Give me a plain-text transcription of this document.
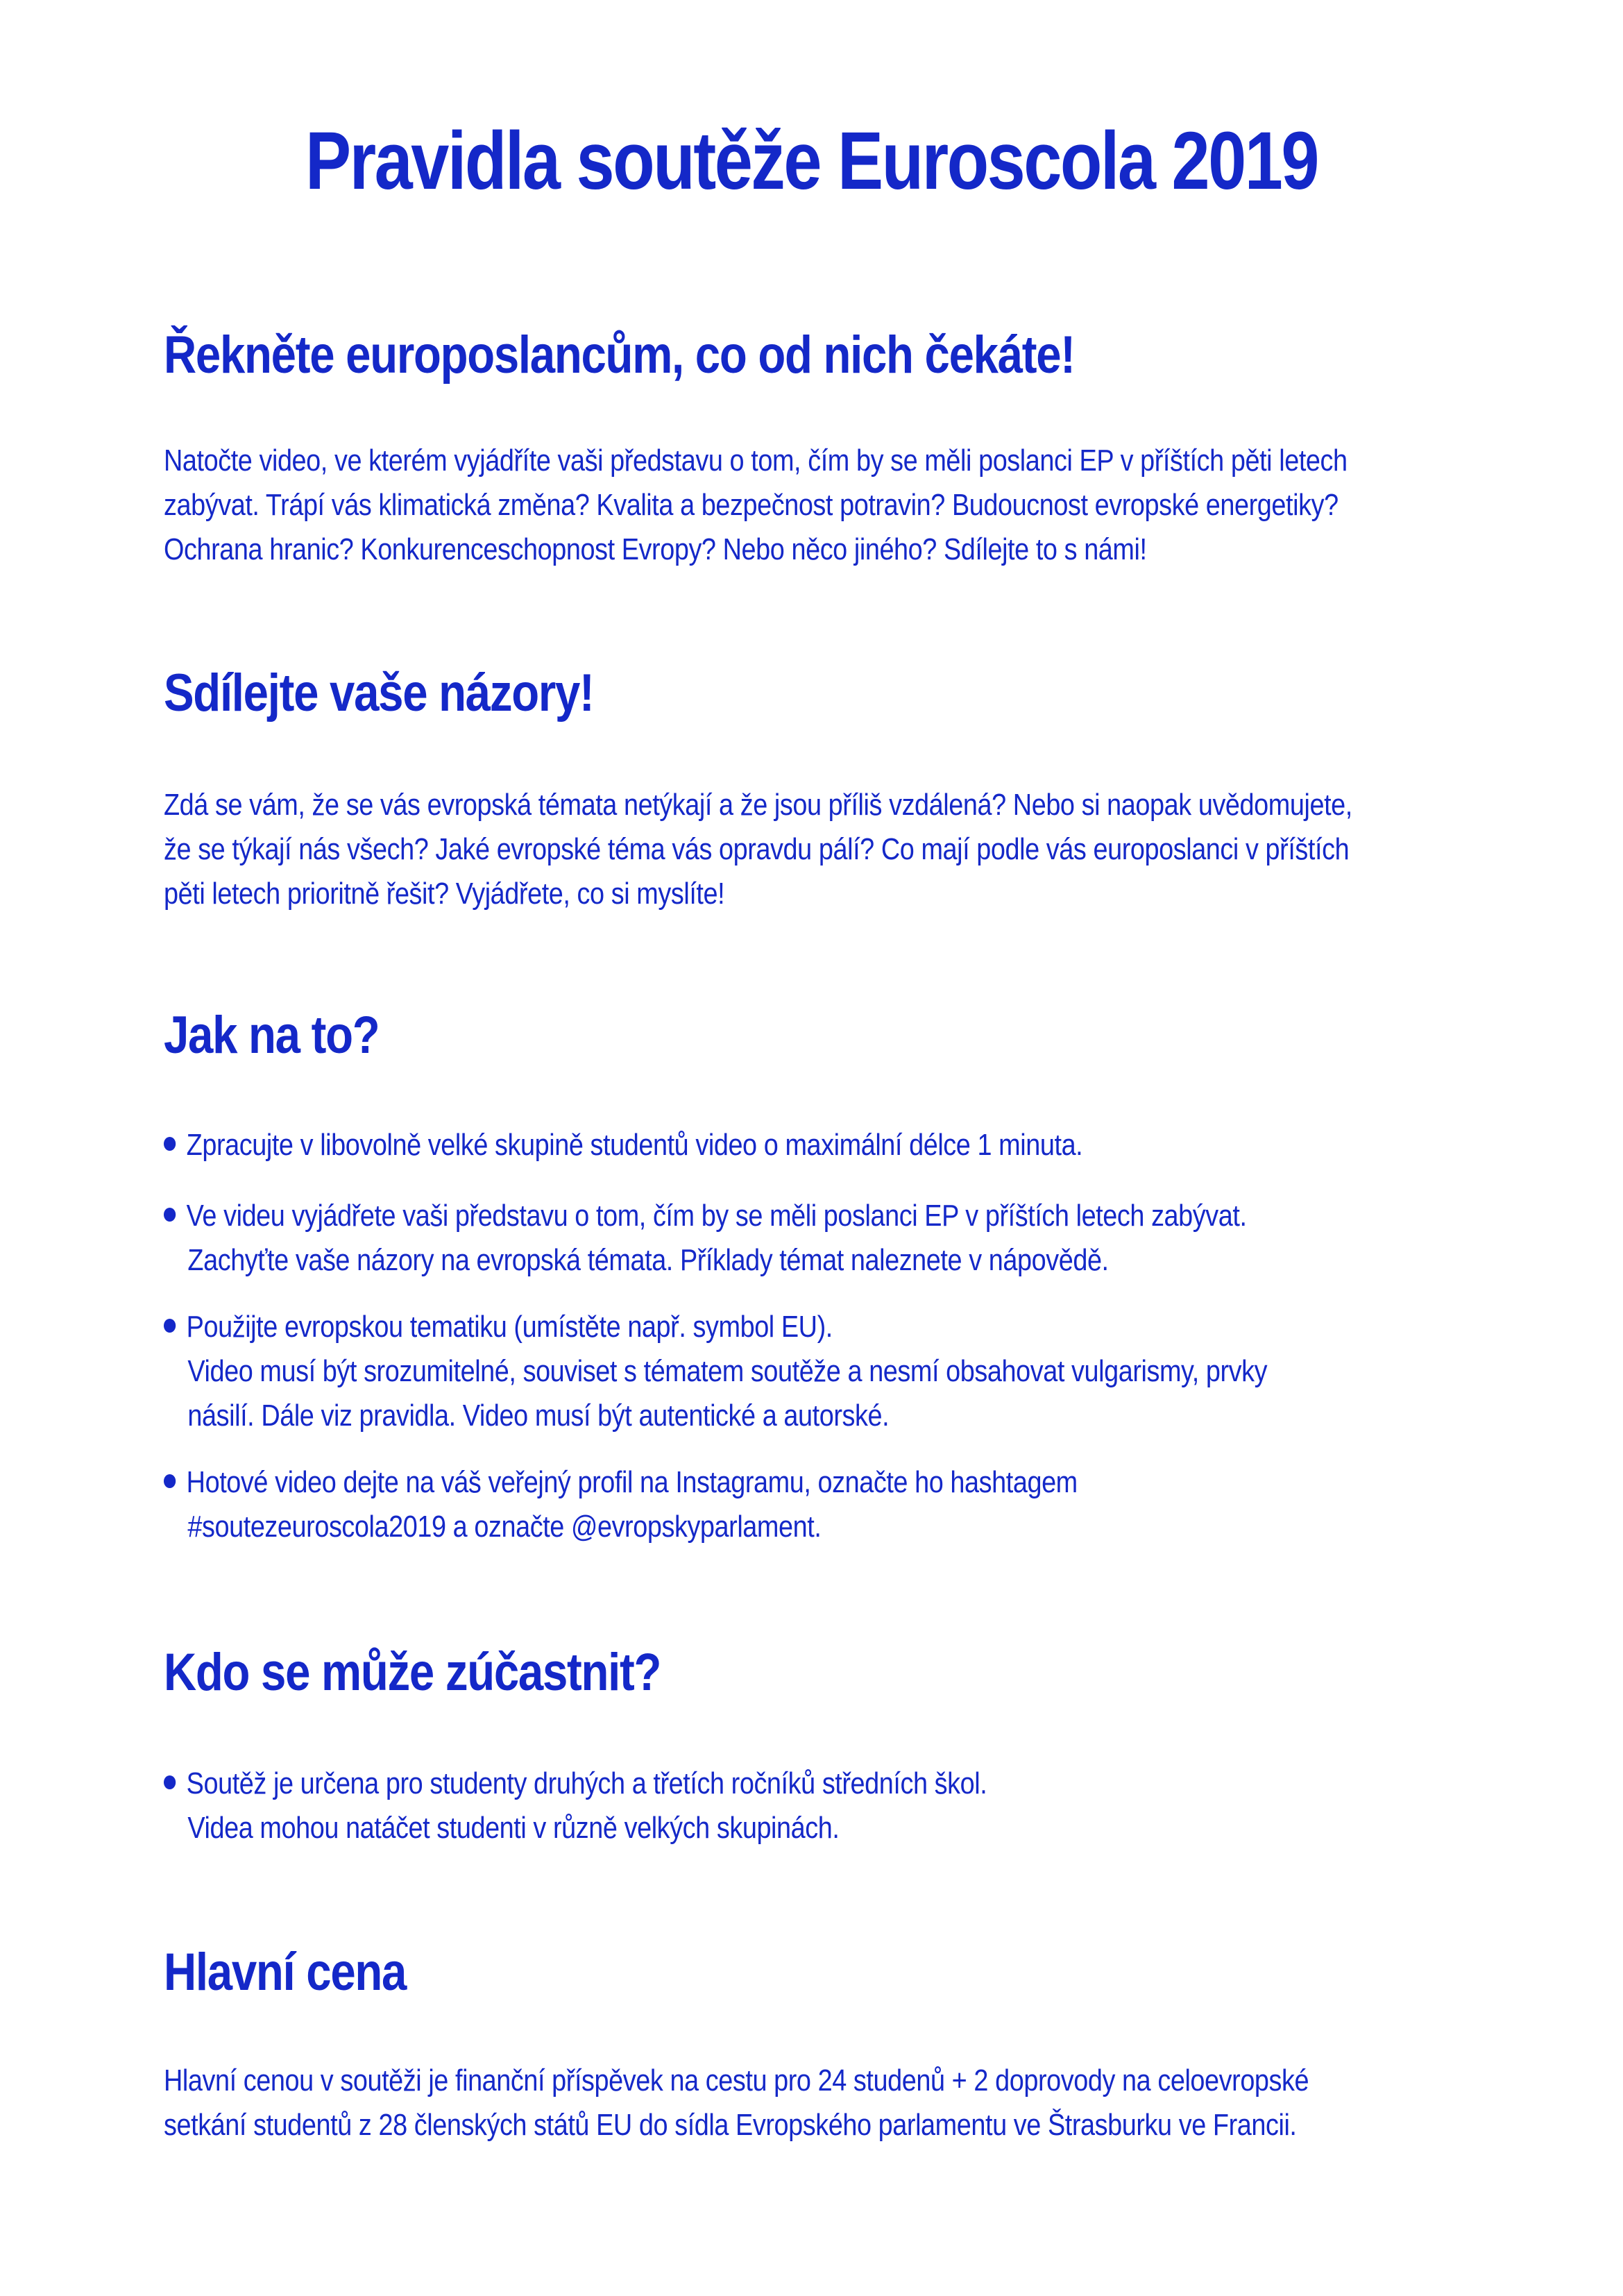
Pravidla soutěže Euroscola 2019
Řekněte europoslancům, co od nich čekáte!

Natočte video, ve kterém vyjádříte vaši představu o tom, čím by se měli poslanci EP v příštích pěti letech
zabývat. Trápí vás klimatická změna? Kvalita a bezpečnost potravin? Budoucnost evropské energetiky?
Ochrana hranic? Konkurenceschopnost Evropy? Nebo něco jiného? Sdílejte to s námi!

Sdílejte vaše názory!

Zdá se vám, že se vás evropská témata netýkají a že jsou příliš vzdálená? Nebo si naopak uvědomujete,
že se týkají nás všech? Jaké evropské téma vás opravdu pálí? Co mají podle vás europoslanci v příštích
pěti letech prioritně řešit? Vyjádřete, co si myslíte!

Jak na to?
Zpracujte v libovolně velké skupině studentů video o maximální délce 1 minuta.
Ve videu vyjádřete vaši představu o tom, čím by se měli poslanci EP v příštích letech zabývat.
Zachyťte vaše názory na evropská témata. Příklady témat naleznete v nápovědě.
Použijte evropskou tematiku (umístěte např. symbol EU).
Video musí být srozumitelné, souviset s tématem soutěže a nesmí obsahovat vulgarismy, prvky
násilí. Dále viz pravidla. Video musí být autentické a autorské.
Hotové video dejte na váš veřejný profil na Instagramu, označte ho hashtagem
#soutezeuroscola2019 a označte @evropskyparlament.
Kdo se může zúčastnit?
Soutěž je určena pro studenty druhých a třetích ročníků středních škol.
Videa mohou natáčet studenti v různě velkých skupinách.
Hlavní cena

Hlavní cenou v soutěži je finanční příspěvek na cestu pro 24 studenů + 2 doprovody na celoevropské
setkání studentů z 28 členských států EU do sídla Evropského parlamentu ve Štrasburku ve Francii.
